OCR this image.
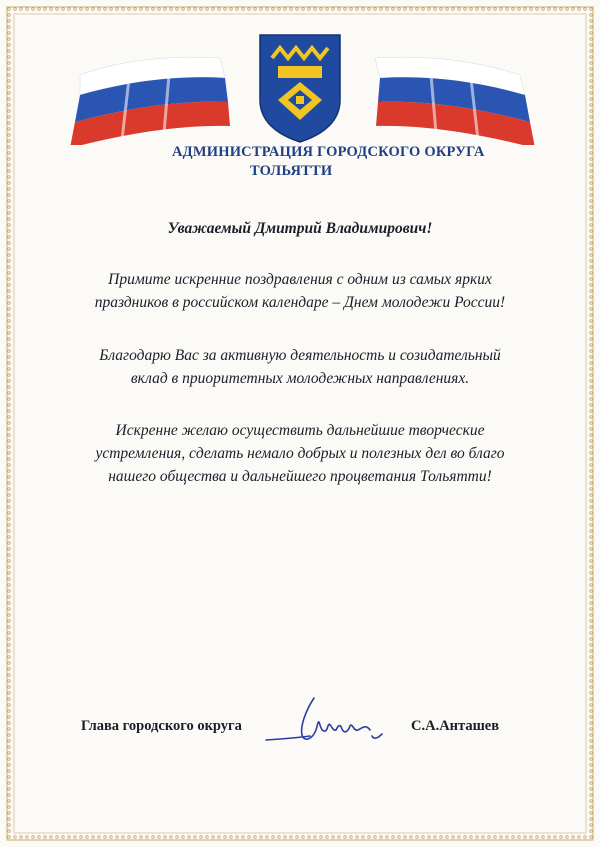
АДМИНИСТРАЦИЯ ГОРОДСКОГО ОКРУГА
ТОЛЬЯТТИ
Уважаемый Дмитрий Владимирович!
Примите искренние поздравления с одним из самых ярких
праздников в российском календаре – Днем молодежи России!
Благодарю Вас за активную деятельность и созидательный
вклад в приоритетных молодежных направлениях.
Искренне желаю осуществить дальнейшие творческие
устремления, сделать немало добрых и полезных дел во благо
нашего общества и дальнейшего процветания Тольятти!
Глава городского округа	С.А.Анташев
